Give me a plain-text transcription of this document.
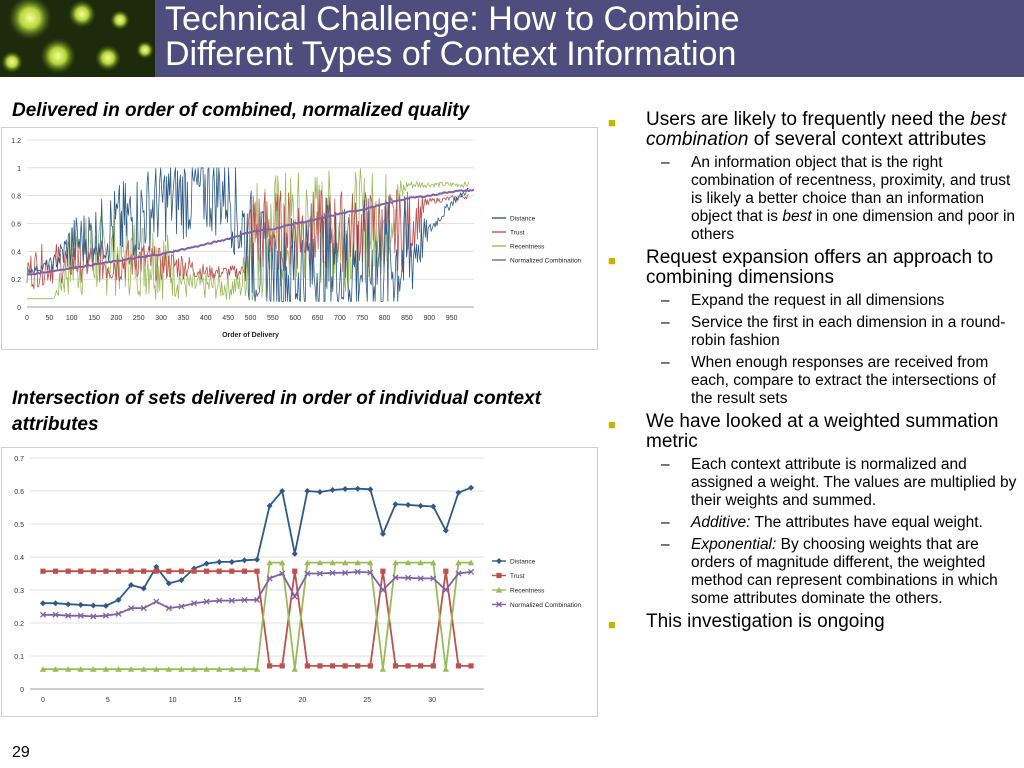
Technical Challenge: How to Combine
Different Types of Context Information
Delivered in order of combined, normalized quality
0
0.2
0.4
0.6
0.8
1
1.2
0 50 100 150 200 250 300 350 400 450 500 550 600 650 700 750 800 850 900 950
Order of Delivery
Distance
Trust
Recentness
Normalized Combination
Intersection of sets delivered in order of individual context attributes
0
0.1
0.2
0.3
0.4
0.5
0.6
0.7
0	5	10	15	20	25	30
Distance
Trust
Recentness
Normalized Combination
■ Users are likely to frequently need the best combination of several context attributes
– An information object that is the right combination of recentness, proximity, and trust is likely a better choice than an information object that is best in one dimension and poor in others
■ Request expansion offers an approach to combining dimensions
– Expand the request in all dimensions
– Service the first in each dimension in a round-robin fashion
– When enough responses are received from each, compare to extract the intersections of the result sets
■ We have looked at a weighted summation metric
– Each context attribute is normalized and assigned a weight. The values are multiplied by their weights and summed.
– Additive: The attributes have equal weight.
– Exponential: By choosing weights that are orders of magnitude different, the weighted method can represent combinations in which some attributes dominate the others.
■ This investigation is ongoing
29
